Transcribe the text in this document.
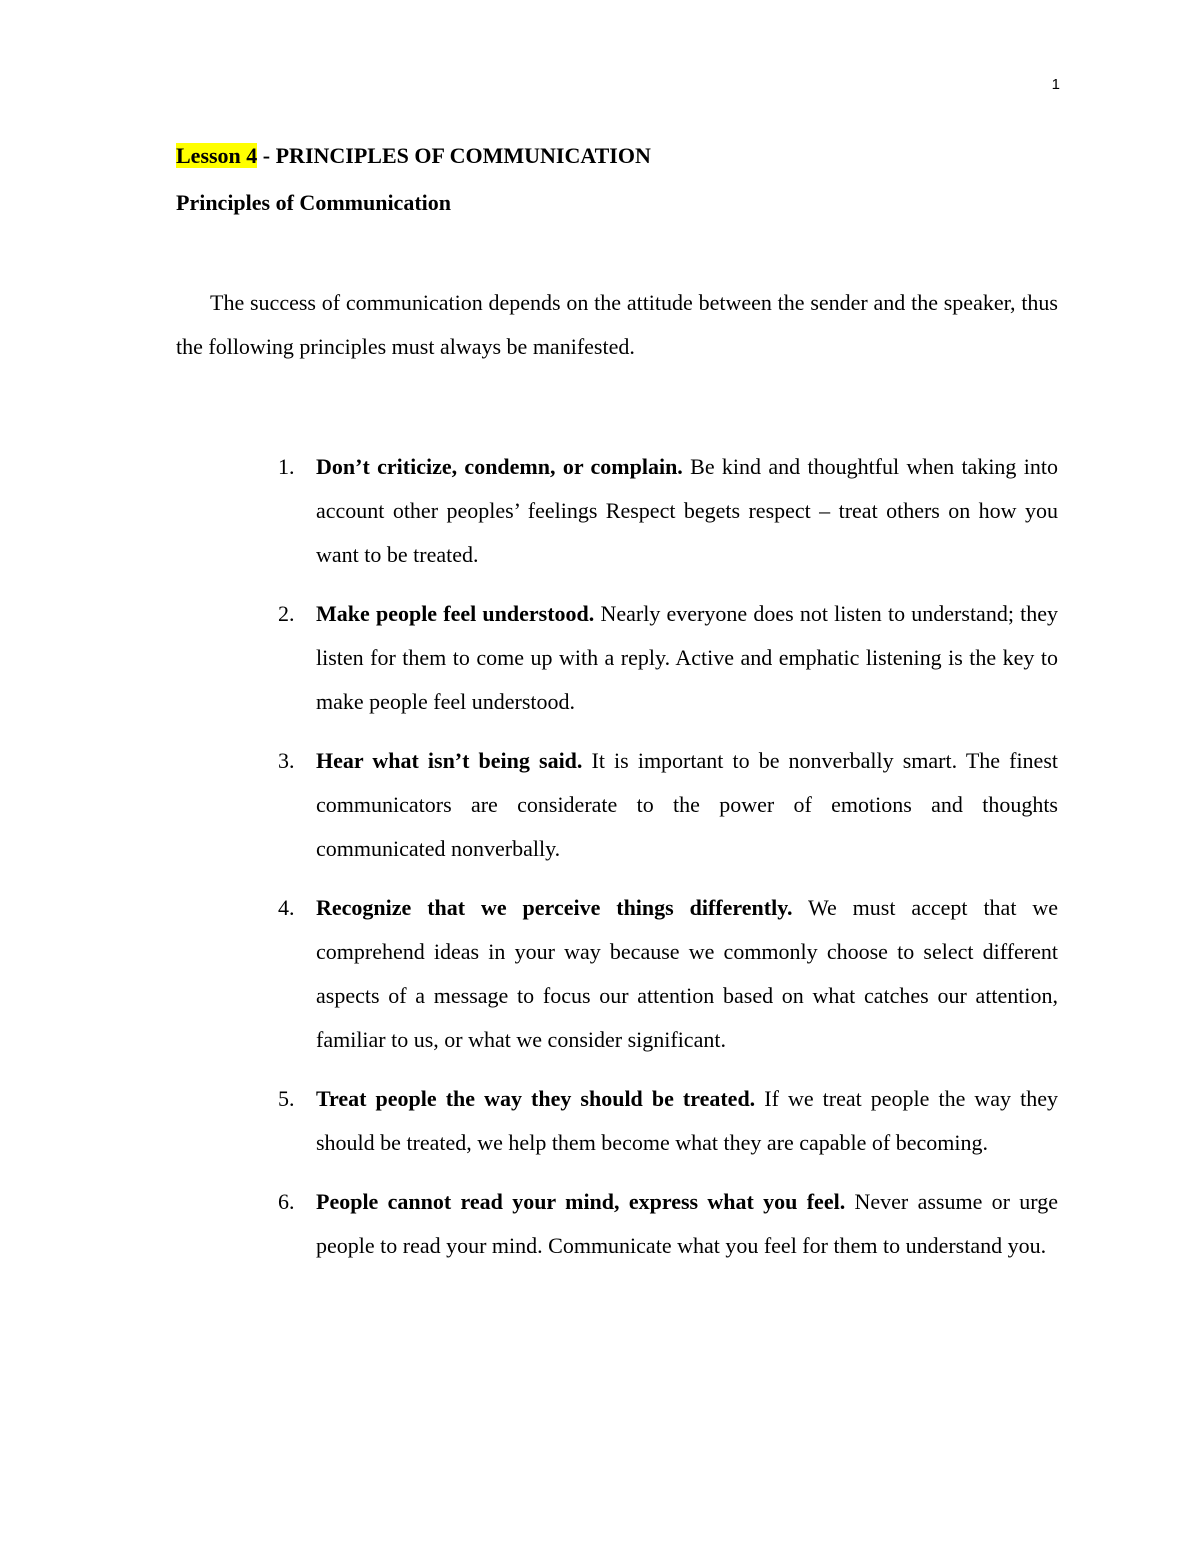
1
Lesson 4 - PRINCIPLES OF COMMUNICATION
Principles of Communication

The success of communication depends on the attitude between the sender and the speaker, thus the following principles must always be manifested.

1. Don’t criticize, condemn, or complain. Be kind and thoughtful when taking into account other peoples’ feelings Respect begets respect – treat others on how you want to be treated.
2. Make people feel understood. Nearly everyone does not listen to understand; they listen for them to come up with a reply. Active and emphatic listening is the key to make people feel understood.
3. Hear what isn’t being said. It is important to be nonverbally smart. The finest communicators are considerate to the power of emotions and thoughts communicated nonverbally.
4. Recognize that we perceive things differently. We must accept that we comprehend ideas in your way because we commonly choose to select different aspects of a message to focus our attention based on what catches our attention, familiar to us, or what we consider significant.
5. Treat people the way they should be treated. If we treat people the way they should be treated, we help them become what they are capable of becoming.
6. People cannot read your mind, express what you feel. Never assume or urge people to read your mind. Communicate what you feel for them to understand you.
